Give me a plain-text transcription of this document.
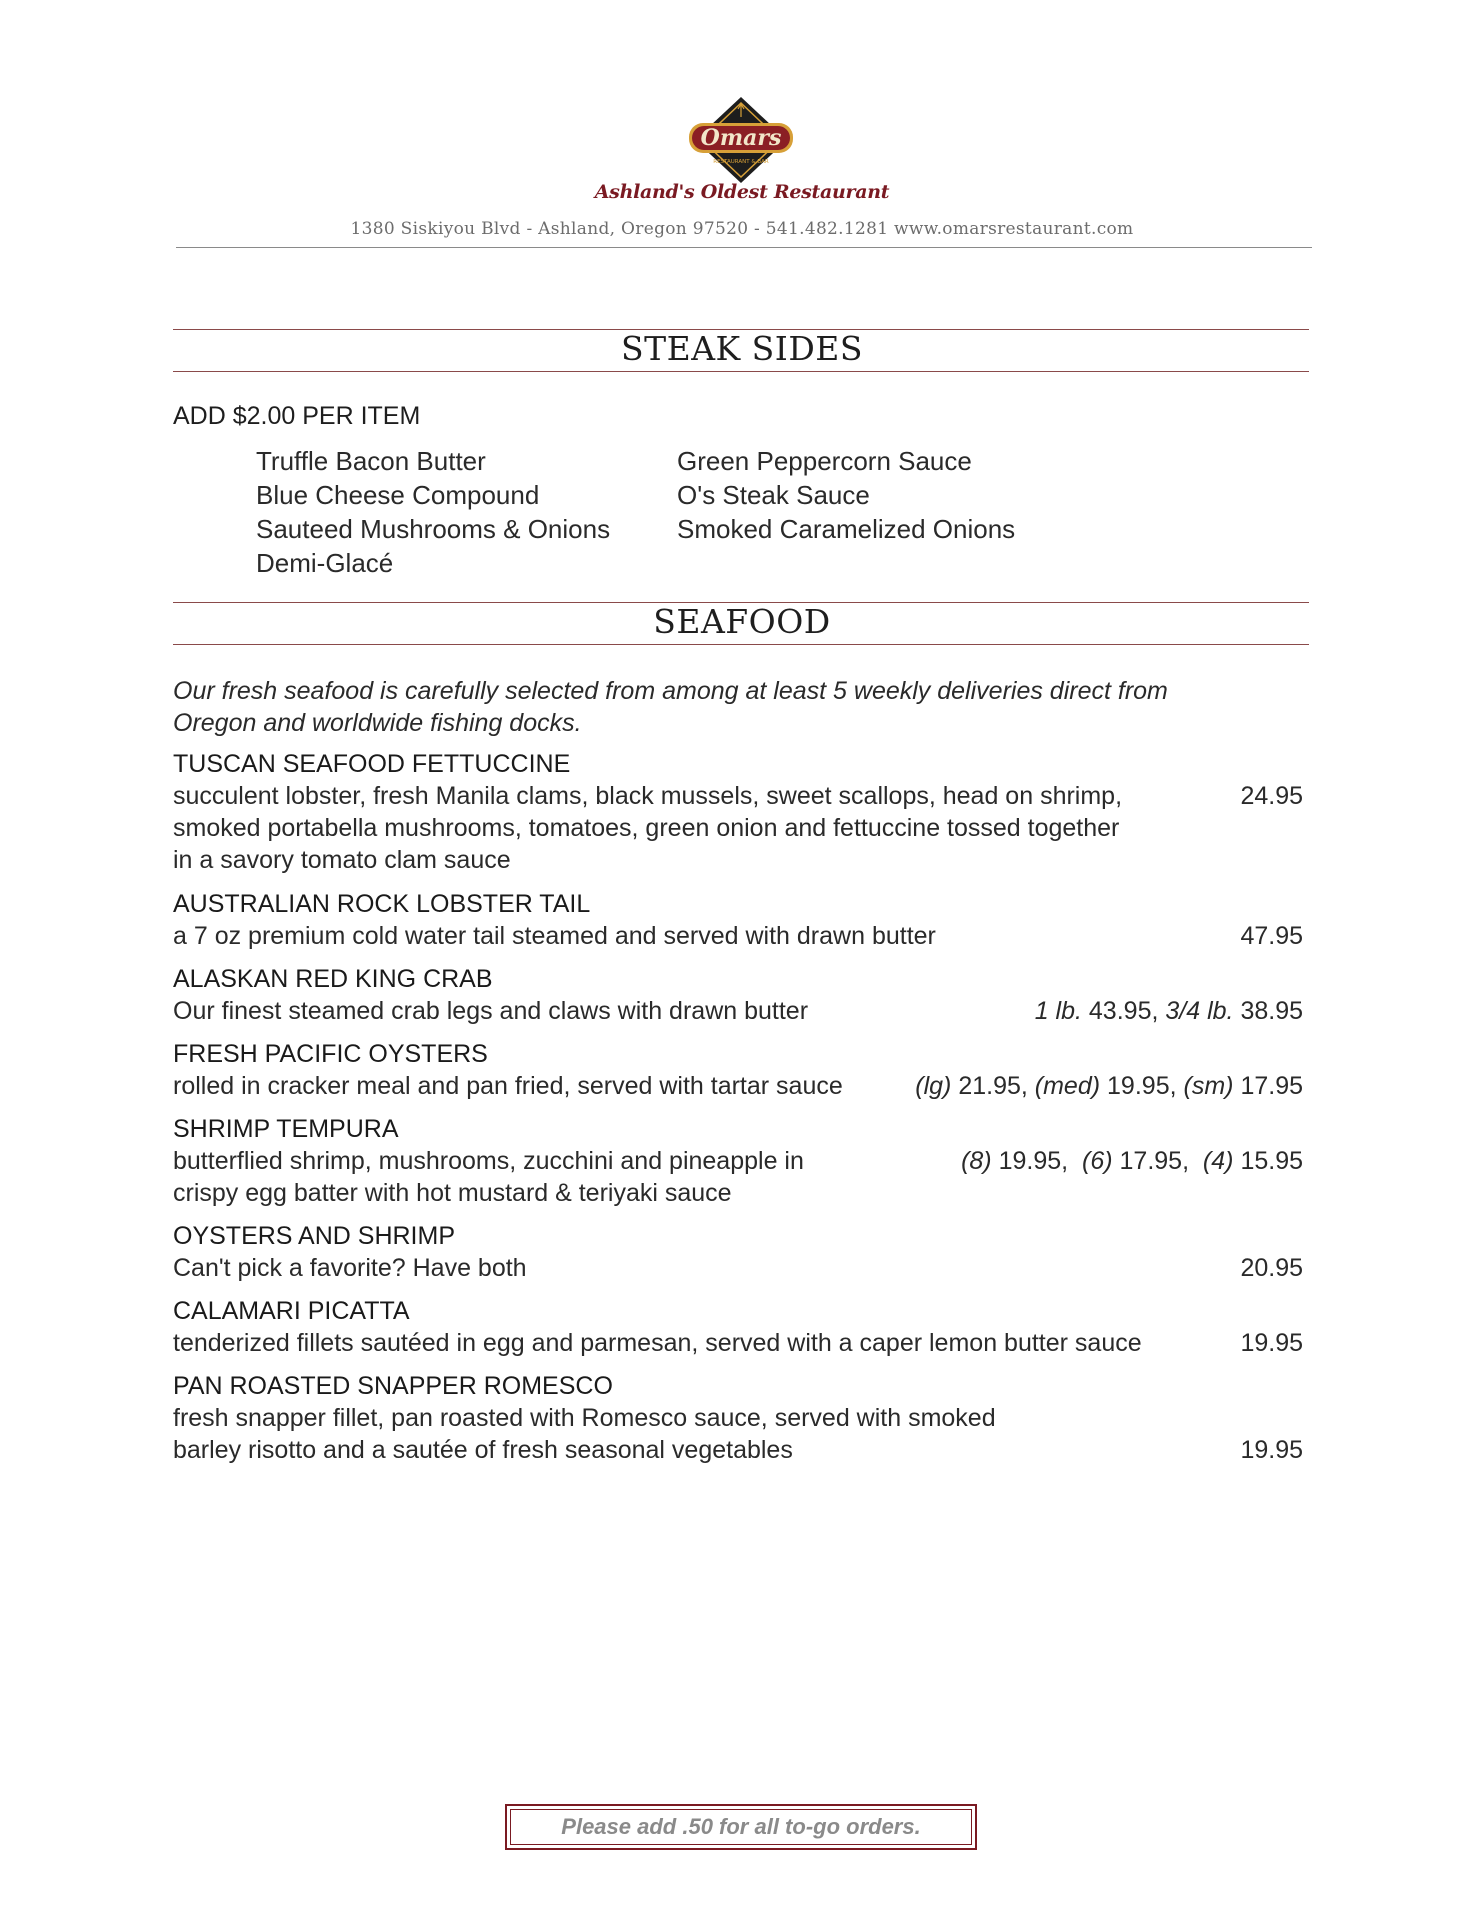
Omars
RESTAURANT & BAR
Ashland's Oldest Restaurant
1380 Siskiyou Blvd - Ashland, Oregon 97520 - 541.482.1281 www.omarsrestaurant.com
STEAK SIDES
ADD $2.00 PER ITEM
Truffle Bacon Butter
Blue Cheese Compound
Sauteed Mushrooms & Onions
Demi-Glacé
Green Peppercorn Sauce
O's Steak Sauce
Smoked Caramelized Onions
SEAFOOD
Our fresh seafood is carefully selected from among at least 5 weekly deliveries direct from Oregon and worldwide fishing docks.
TUSCAN SEAFOOD FETTUCCINE
succulent lobster, fresh Manila clams, black mussels, sweet scallops, head on shrimp,
smoked portabella mushrooms, tomatoes, green onion and fettuccine tossed together
in a savory tomato clam sauce
24.95
AUSTRALIAN ROCK LOBSTER TAIL
a 7 oz premium cold water tail steamed and served with drawn butter	47.95
ALASKAN RED KING CRAB
Our finest steamed crab legs and claws with drawn butter	1 lb. 43.95, 3/4 lb. 38.95
FRESH PACIFIC OYSTERS
rolled in cracker meal and pan fried, served with tartar sauce	(lg) 21.95, (med) 19.95, (sm) 17.95
SHRIMP TEMPURA
butterflied shrimp, mushrooms, zucchini and pineapple in
crispy egg batter with hot mustard & teriyaki sauce
(8) 19.95,  (6) 17.95,  (4) 15.95
OYSTERS AND SHRIMP
Can't pick a favorite? Have both	20.95
CALAMARI PICATTA
tenderized fillets sautéed in egg and parmesan, served with a caper lemon butter sauce	19.95
PAN ROASTED SNAPPER ROMESCO
fresh snapper fillet, pan roasted with Romesco sauce, served with smoked
barley risotto and a sautée of fresh seasonal vegetables	19.95
Please add .50 for all to-go orders.
